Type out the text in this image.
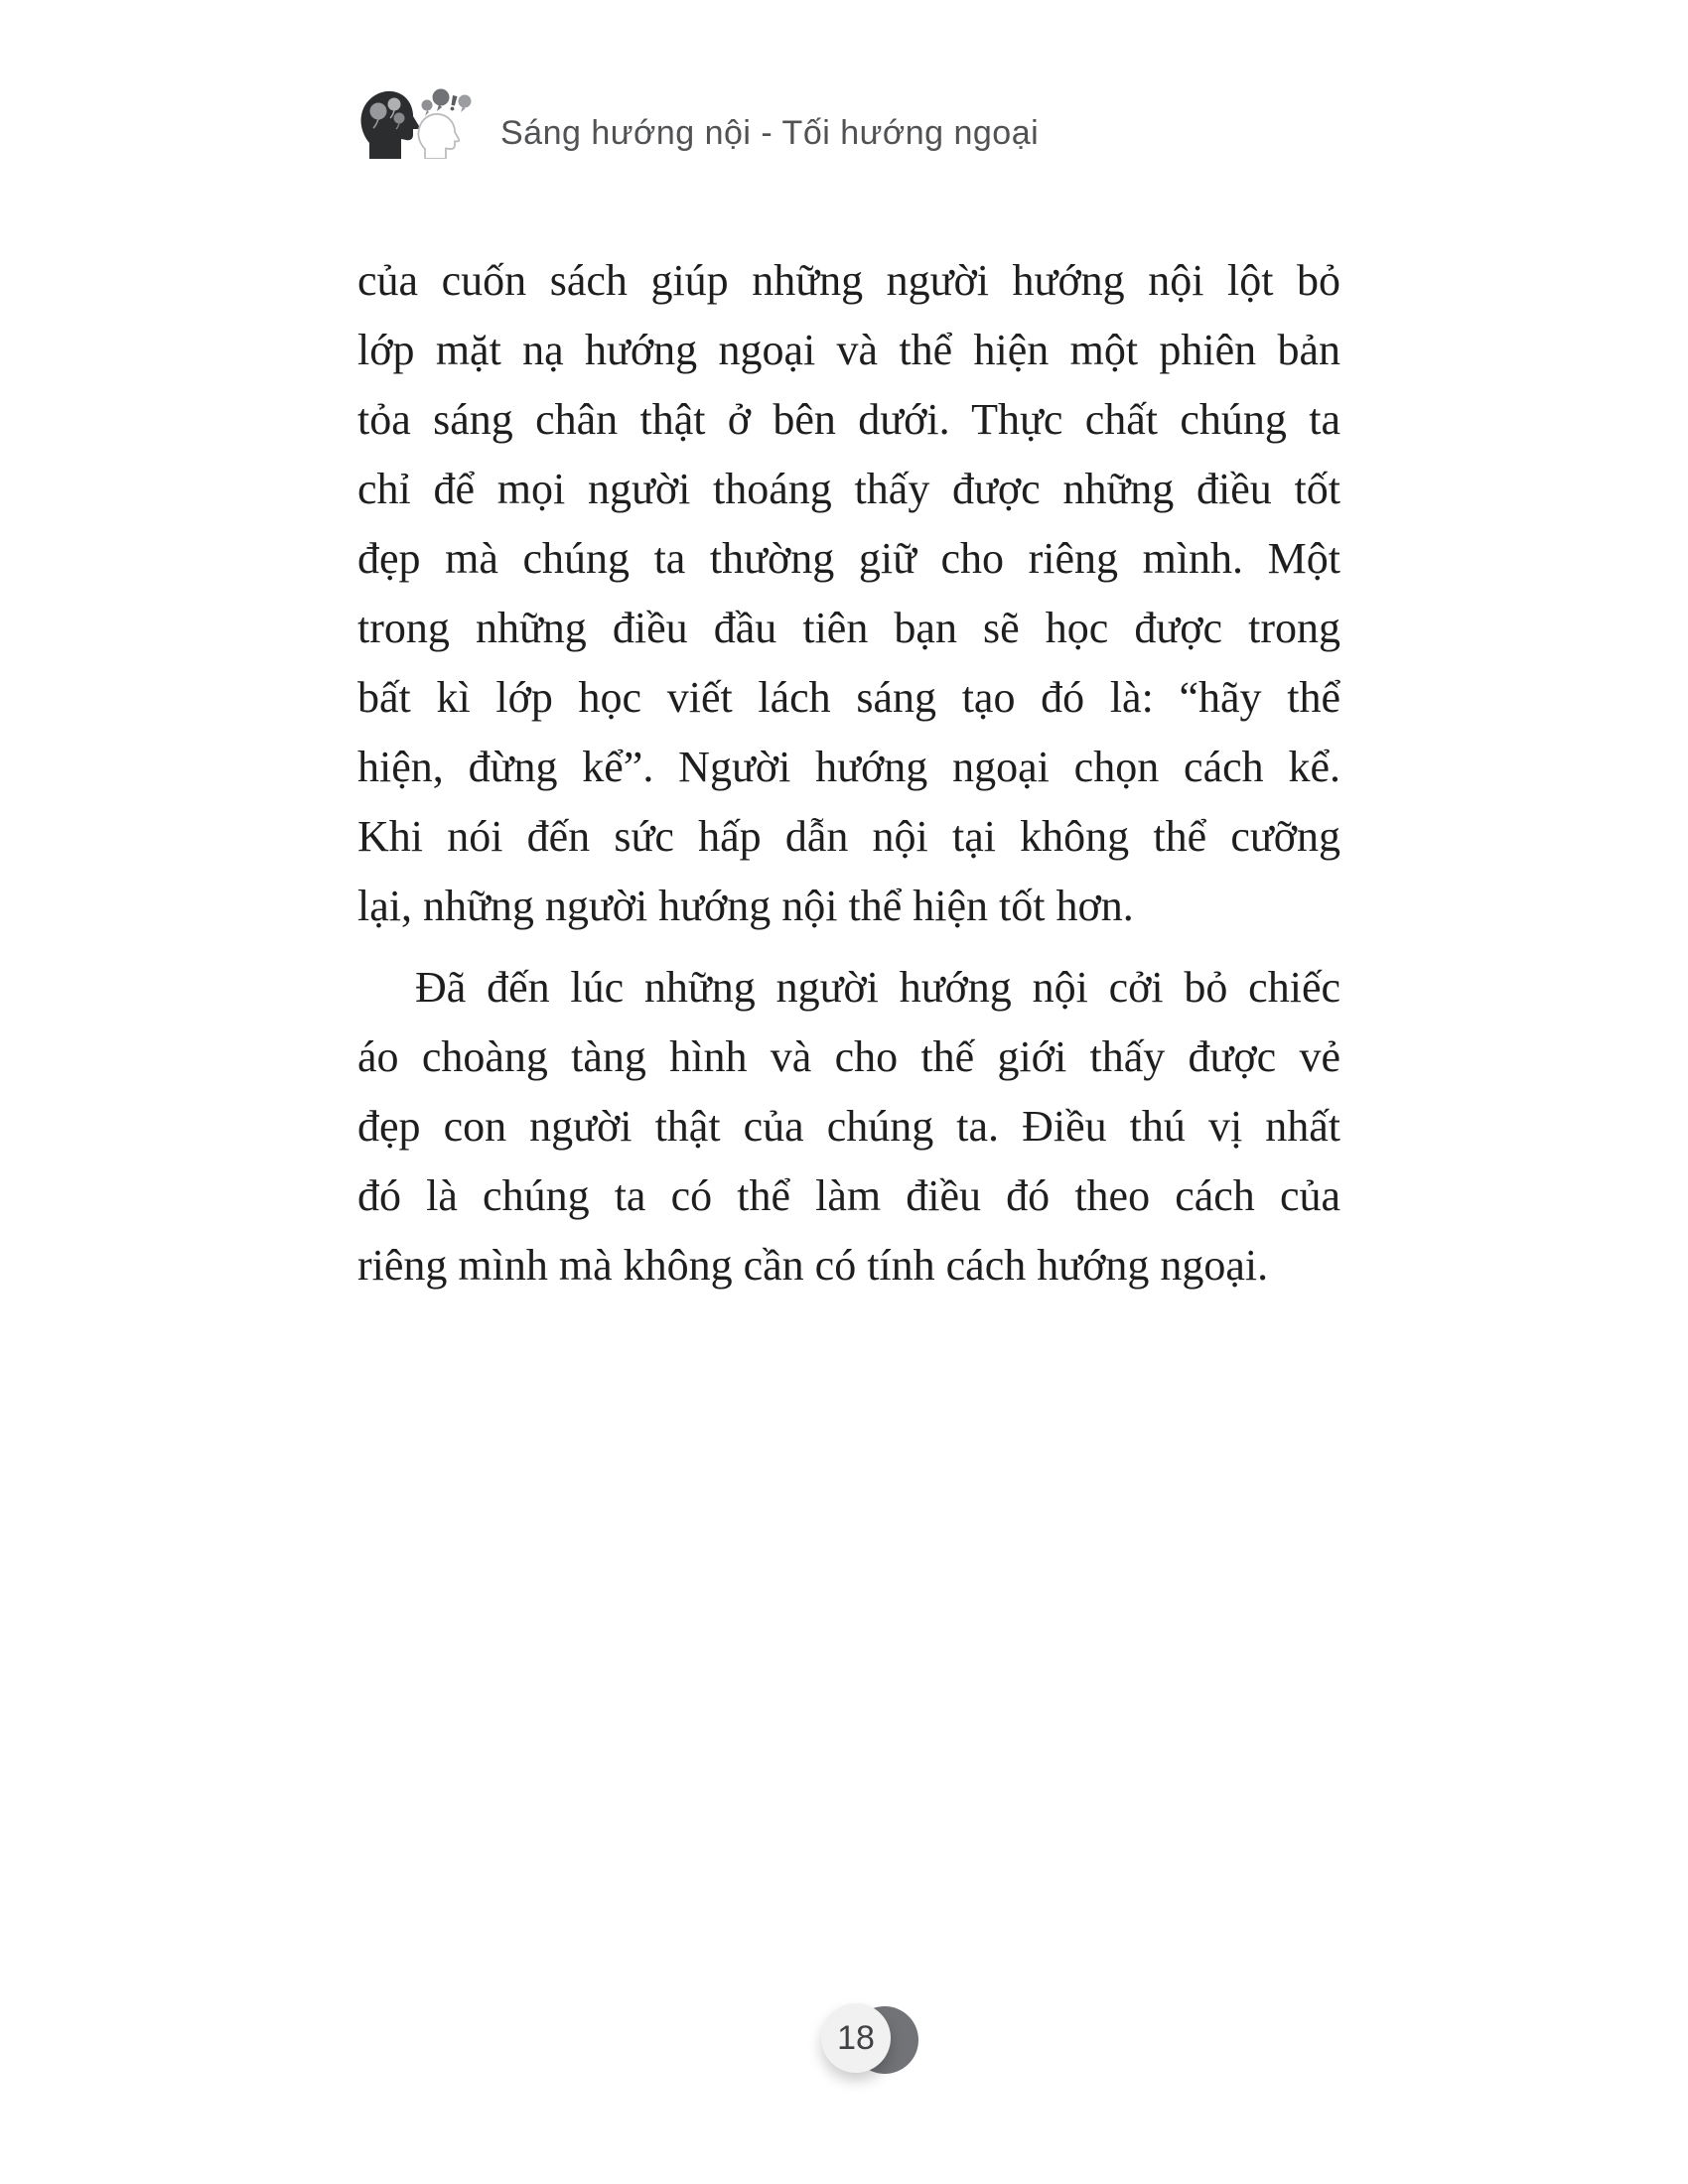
Sáng hướng nội - Tối hướng ngoại
của cuốn sách giúp những người hướng nội lột bỏ
lớp mặt nạ hướng ngoại và thể hiện một phiên bản
tỏa sáng chân thật ở bên dưới. Thực chất chúng ta
chỉ để mọi người thoáng thấy được những điều tốt
đẹp mà chúng ta thường giữ cho riêng mình. Một
trong những điều đầu tiên bạn sẽ học được trong
bất kì lớp học viết lách sáng tạo đó là: “hãy thể
hiện, đừng kể”. Người hướng ngoại chọn cách kể.
Khi nói đến sức hấp dẫn nội tại không thể cưỡng
lại, những người hướng nội thể hiện tốt hơn.
Đã đến lúc những người hướng nội cởi bỏ chiếc
áo choàng tàng hình và cho thế giới thấy được vẻ
đẹp con người thật của chúng ta. Điều thú vị nhất
đó là chúng ta có thể làm điều đó theo cách của
riêng mình mà không cần có tính cách hướng ngoại.
18
